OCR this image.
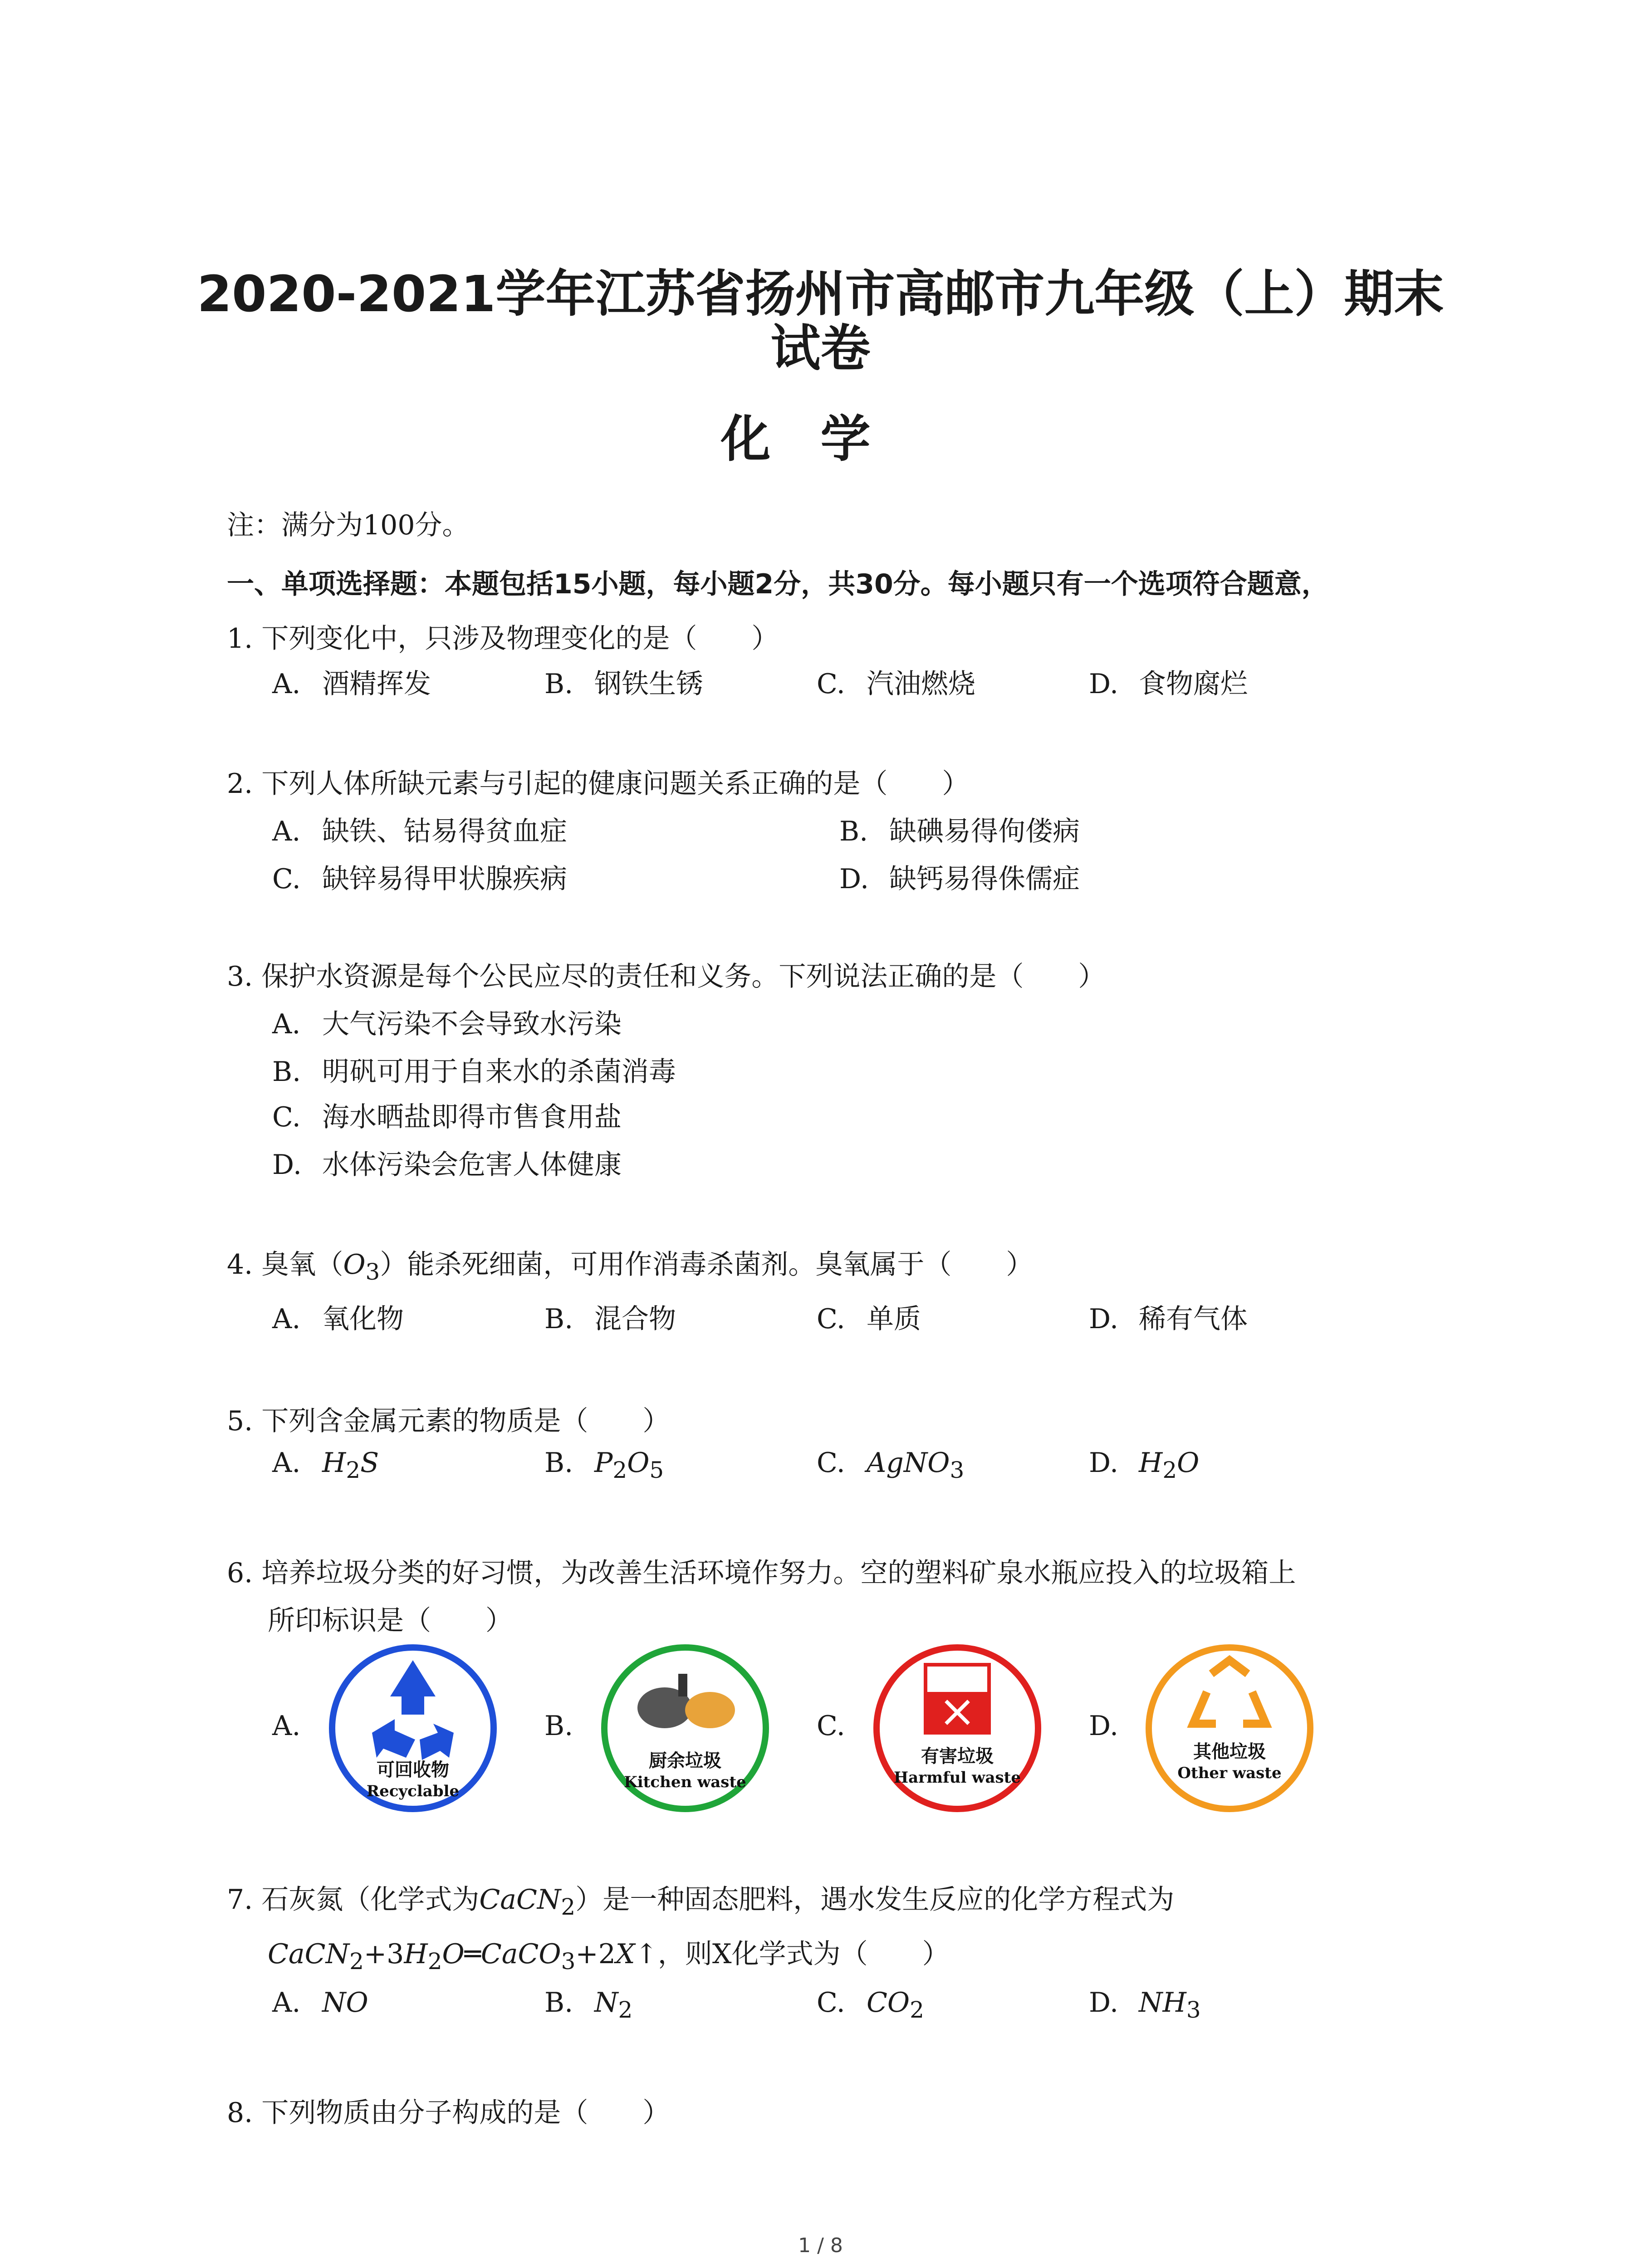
2020-2021学年江苏省扬州市高邮市九年级（上）期末
试卷
化学
注：满分为100分。
一、单项选择题：本题包括15小题，每小题2分，共30分。每小题只有一个选项符合题意，
1. 下列变化中，只涉及物理变化的是（　　）
A. 酒精挥发	B. 钢铁生锈	C. 汽油燃烧	D. 食物腐烂
2. 下列人体所缺元素与引起的健康问题关系正确的是（　　）
A. 缺铁、钴易得贫血症	B. 缺碘易得佝偻病
C. 缺锌易得甲状腺疾病	D. 缺钙易得侏儒症
3. 保护水资源是每个公民应尽的责任和义务。下列说法正确的是（　　）
A. 大气污染不会导致水污染
B. 明矾可用于自来水的杀菌消毒
C. 海水晒盐即得市售食用盐
D. 水体污染会危害人体健康
4. 臭氧$(O_3)$能杀死细菌，可用作消毒杀菌剂。臭氧属于（　　）
A. 氧化物	B. 混合物	C. 单质	D. 稀有气体
5. 下列含金属元素的物质是（　　）
A. $H_2S$	B. $P_2O_5$	C. AgNO$_3$	D. $H_2O$
6. 培养垃圾分类的好习惯，为改善生活环境作努力。空的塑料矿泉水瓶应投入的垃圾箱上
所印标识是（　　）
A.
可回收物
Recyclable
B.
厨余垃圾
Kitchen waste
C.
有害垃圾
Harmful waste
D.
其他垃圾
Other waste
7. 石灰氮（化学式为CaCN$_2$）是一种固态肥料，遇水发生反应的化学方程式为
$CaCN_2+3H_2O═CaCO_3+2X↑$，则X化学式为（　　）
A. NO	B. $N_2$	C. $CO_2$	D. $NH_3$
8. 下列物质由分子构成的是（　　）
1 / 8
